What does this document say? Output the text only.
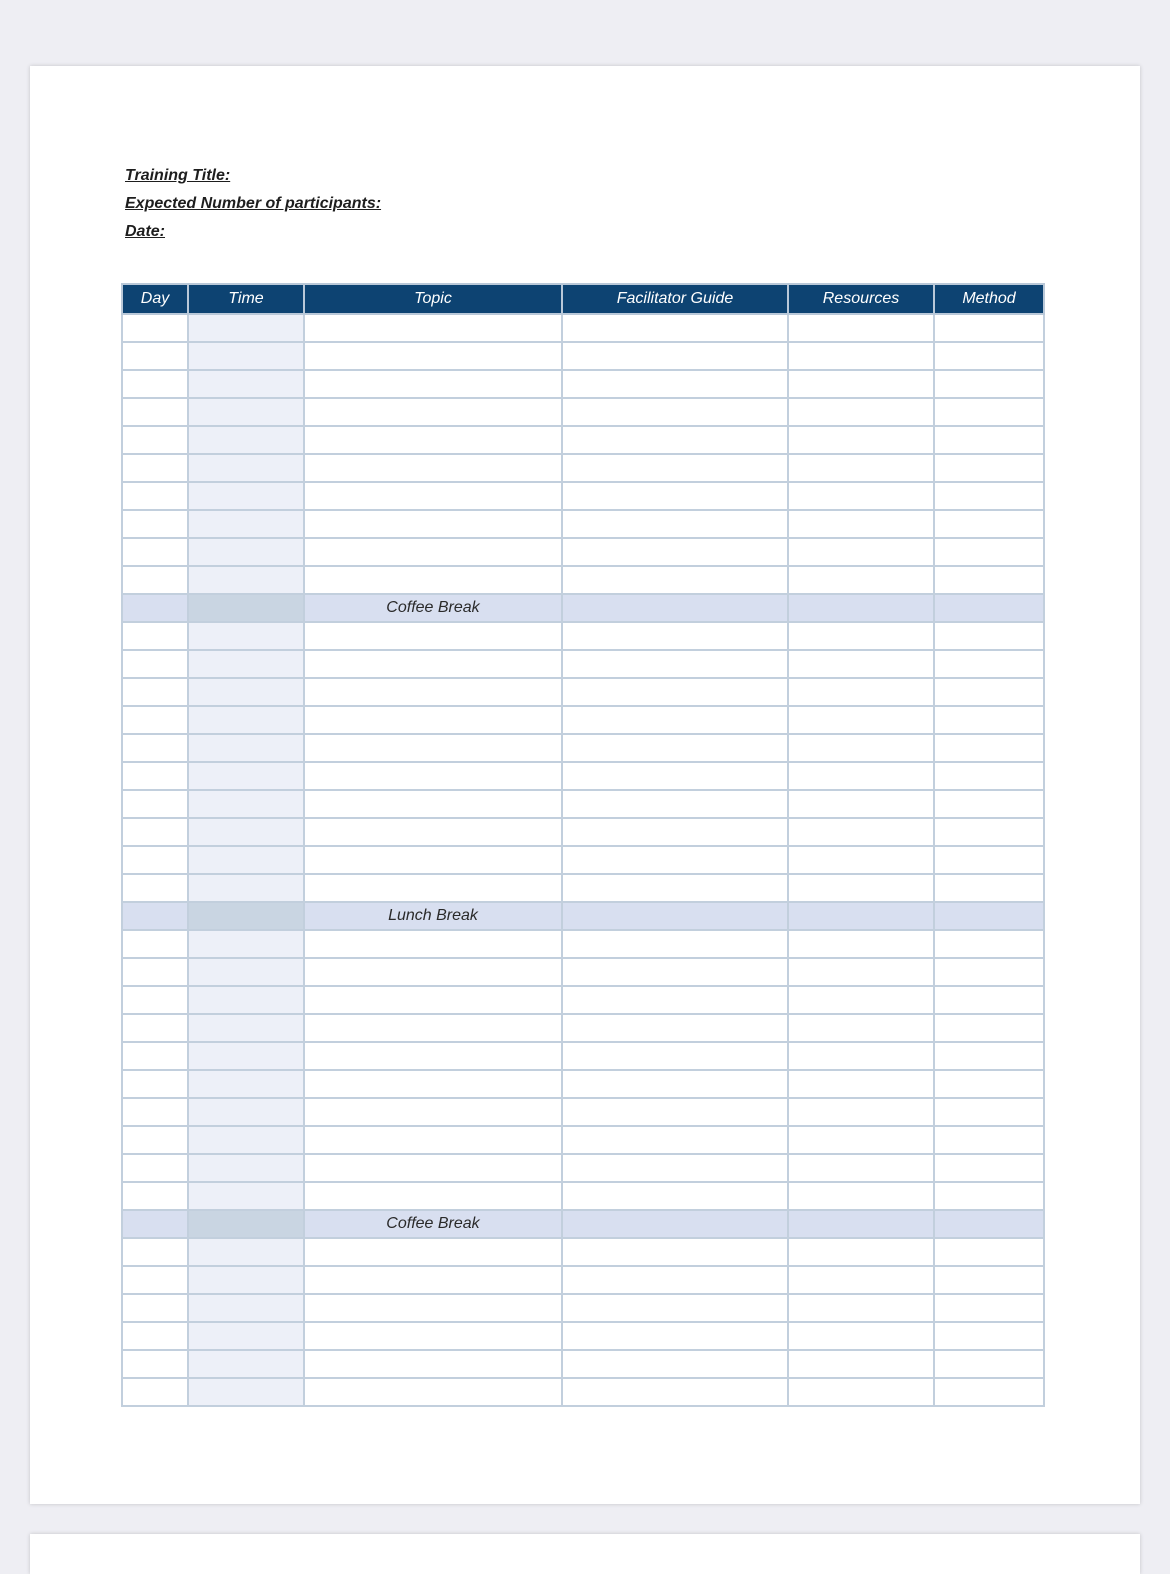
Training Title:
Expected Number of participants:
Date:
Day	Time	Topic	Facilitator Guide	Resources	Method

		Coffee Break			

		Lunch Break			

		Coffee Break			
